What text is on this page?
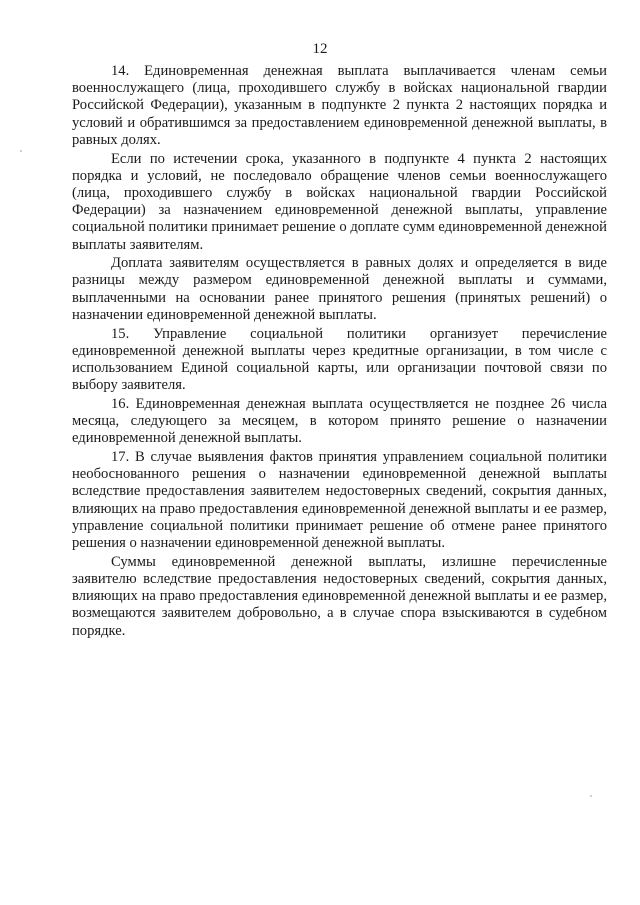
12

14. Единовременная денежная выплата выплачивается членам семьи военнослужащего (лица, проходившего службу в войсках национальной гвардии Российской Федерации), указанным в подпункте 2 пункта 2 настоящих порядка и условий и обратившимся за предоставлением единовременной денежной выплаты, в равных долях.

Если по истечении срока, указанного в подпункте 4 пункта 2 настоящих порядка и условий, не последовало обращение членов семьи военнослужащего (лица, проходившего службу в войсках национальной гвардии Российской Федерации) за назначением единовременной денежной выплаты, управление социальной политики принимает решение о доплате сумм единовременной денежной выплаты заявителям.

Доплата заявителям осуществляется в равных долях и определяется в виде разницы между размером единовременной денежной выплаты и суммами, выплаченными на основании ранее принятого решения (принятых решений) о назначении единовременной денежной выплаты.

15. Управление социальной политики организует перечисление единовременной денежной выплаты через кредитные организации, в том числе с использованием Единой социальной карты, или организации почтовой связи по выбору заявителя.

16. Единовременная денежная выплата осуществляется не позднее 26 числа месяца, следующего за месяцем, в котором принято решение о назначении единовременной денежной выплаты.

17. В случае выявления фактов принятия управлением социальной политики необоснованного решения о назначении единовременной денежной выплаты вследствие предоставления заявителем недостоверных сведений, сокрытия данных, влияющих на право предоставления единовременной денежной выплаты и ее размер, управление социальной политики принимает решение об отмене ранее принятого решения о назначении единовременной денежной выплаты.

Суммы единовременной денежной выплаты, излишне перечисленные заявителю вследствие предоставления недостоверных сведений, сокрытия данных, влияющих на право предоставления единовременной денежной выплаты и ее размер, возмещаются заявителем добровольно, а в случае спора взыскиваются в судебном порядке.
